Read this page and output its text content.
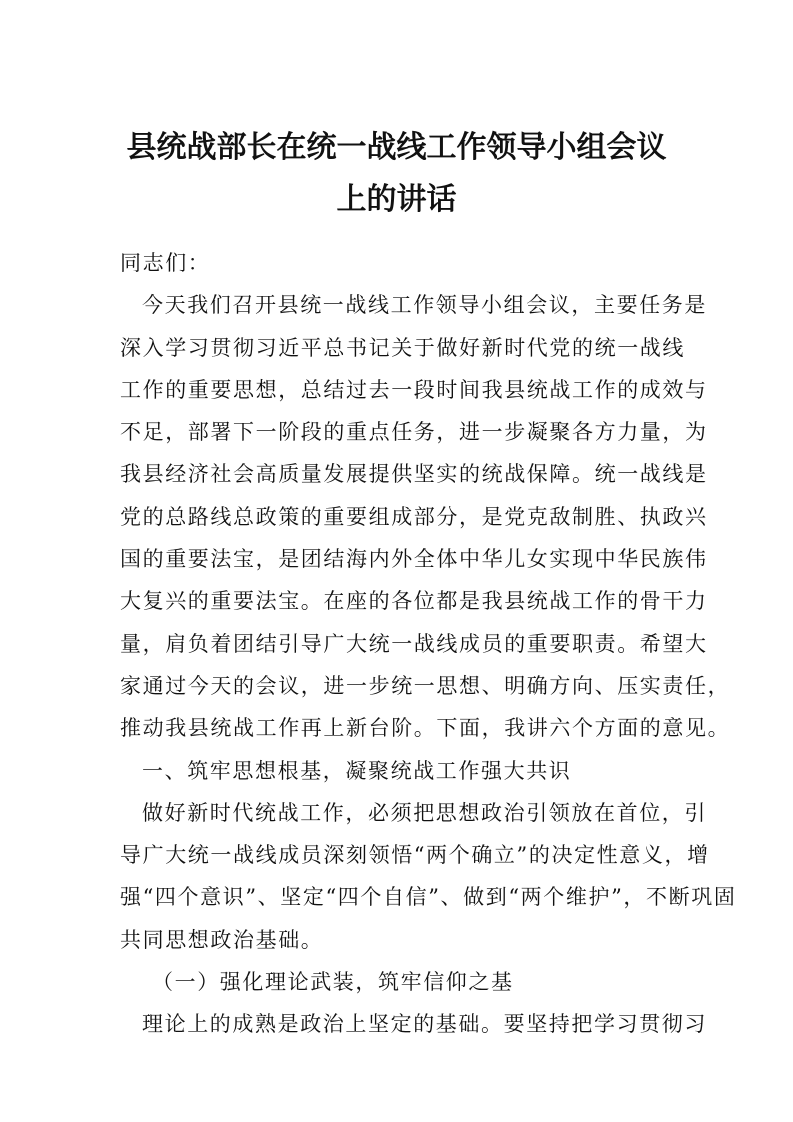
县统战部长在统一战线工作领导小组会议
上的讲话
同志们：
今天我们召开县统一战线工作领导小组会议，主要任务是
深入学习贯彻习近平总书记关于做好新时代党的统一战线
工作的重要思想，总结过去一段时间我县统战工作的成效与
不足，部署下一阶段的重点任务，进一步凝聚各方力量，为
我县经济社会高质量发展提供坚实的统战保障。统一战线是
党的总路线总政策的重要组成部分，是党克敌制胜、执政兴
国的重要法宝，是团结海内外全体中华儿女实现中华民族伟
大复兴的重要法宝。在座的各位都是我县统战工作的骨干力
量，肩负着团结引导广大统一战线成员的重要职责。希望大
家通过今天的会议，进一步统一思想、明确方向、压实责任，
推动我县统战工作再上新台阶。下面，我讲六个方面的意见。
一、筑牢思想根基，凝聚统战工作强大共识
做好新时代统战工作，必须把思想政治引领放在首位，引
导广大统一战线成员深刻领悟“两个确立”的决定性意义，增
强“四个意识”、坚定“四个自信”、做到“两个维护”，不断巩固
共同思想政治基础。
（一）强化理论武装，筑牢信仰之基
理论上的成熟是政治上坚定的基础。要坚持把学习贯彻习
